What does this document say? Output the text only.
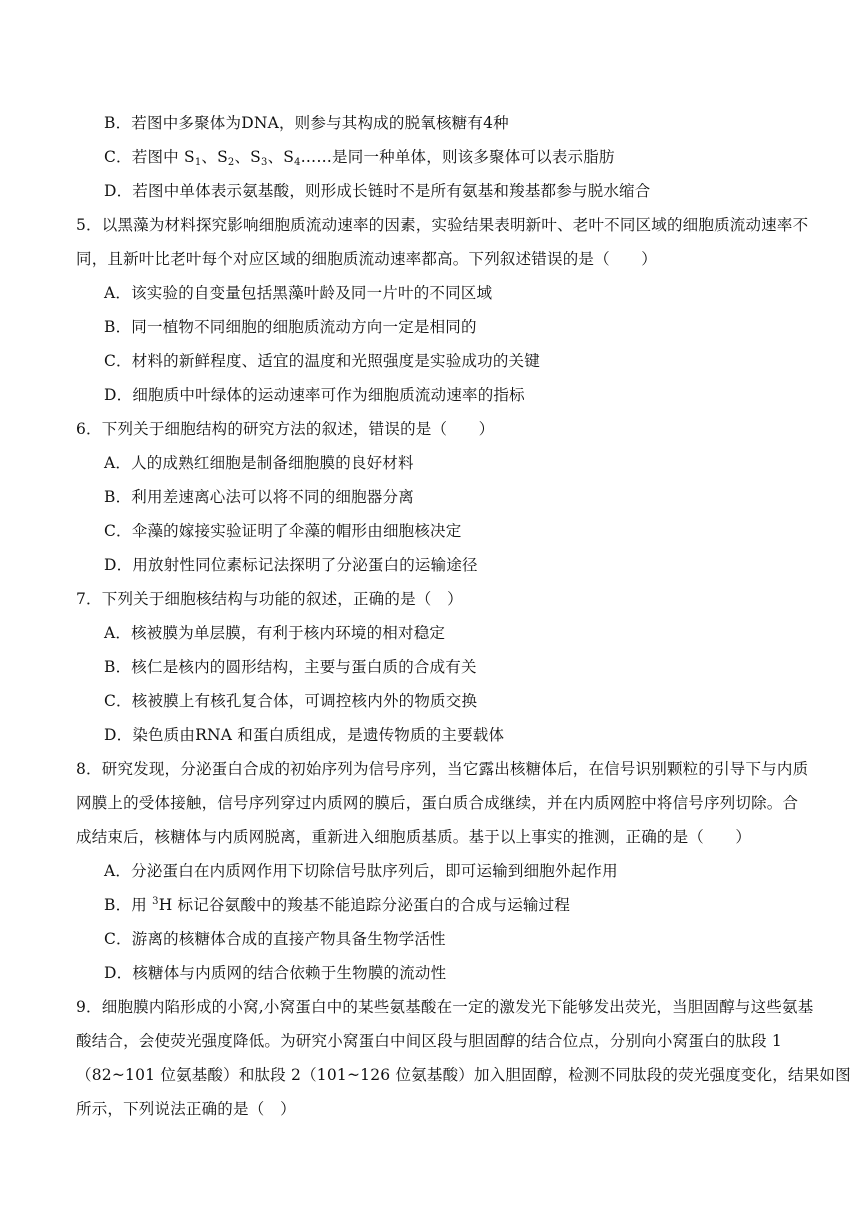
B．若图中多聚体为DNA，则参与其构成的脱氧核糖有4种
C．若图中 $S_1$、$S_2$、$S_3$、$S_4\dots\dots$是同一种单体，则该多聚体可以表示脂肪
D．若图中单体表示氨基酸，则形成长链时不是所有氨基和羧基都参与脱水缩合
5．以黑藻为材料探究影响细胞质流动速率的因素，实验结果表明新叶、老叶不同区域的细胞质流动速率不
同，且新叶比老叶每个对应区域的细胞质流动速率都高。下列叙述错误的是（　　）
A．该实验的自变量包括黑藻叶龄及同一片叶的不同区域
B．同一植物不同细胞的细胞质流动方向一定是相同的
C．材料的新鲜程度、适宜的温度和光照强度是实验成功的关键
D．细胞质中叶绿体的运动速率可作为细胞质流动速率的指标
6．下列关于细胞结构的研究方法的叙述，错误的是（　　）
A．人的成熟红细胞是制备细胞膜的良好材料
B．利用差速离心法可以将不同的细胞器分离
C．伞藻的嫁接实验证明了伞藻的帽形由细胞核决定
D．用放射性同位素标记法探明了分泌蛋白的运输途径
7．下列关于细胞核结构与功能的叙述，正确的是（　）
A．核被膜为单层膜，有利于核内环境的相对稳定
B．核仁是核内的圆形结构，主要与蛋白质的合成有关
C．核被膜上有核孔复合体，可调控核内外的物质交换
D．染色质由RNA 和蛋白质组成，是遗传物质的主要载体
8．研究发现，分泌蛋白合成的初始序列为信号序列，当它露出核糖体后，在信号识别颗粒的引导下与内质
网膜上的受体接触，信号序列穿过内质网的膜后，蛋白质合成继续，并在内质网腔中将信号序列切除。合
成结束后，核糖体与内质网脱离，重新进入细胞质基质。基于以上事实的推测，正确的是（　　）
A．分泌蛋白在内质网作用下切除信号肽序列后，即可运输到细胞外起作用
B．用 $^3$H 标记谷氨酸中的羧基不能追踪分泌蛋白的合成与运输过程
C．游离的核糖体合成的直接产物具备生物学活性
D．核糖体与内质网的结合依赖于生物膜的流动性
9．细胞膜内陷形成的小窝,小窝蛋白中的某些氨基酸在一定的激发光下能够发出荧光，当胆固醇与这些氨基
酸结合，会使荧光强度降低。为研究小窝蛋白中间区段与胆固醇的结合位点，分别向小窝蛋白的肽段 1
（82~101 位氨基酸）和肽段 2（101~126 位氨基酸）加入胆固醇，检测不同肽段的荧光强度变化，结果如图
所示，下列说法正确的是（　）
